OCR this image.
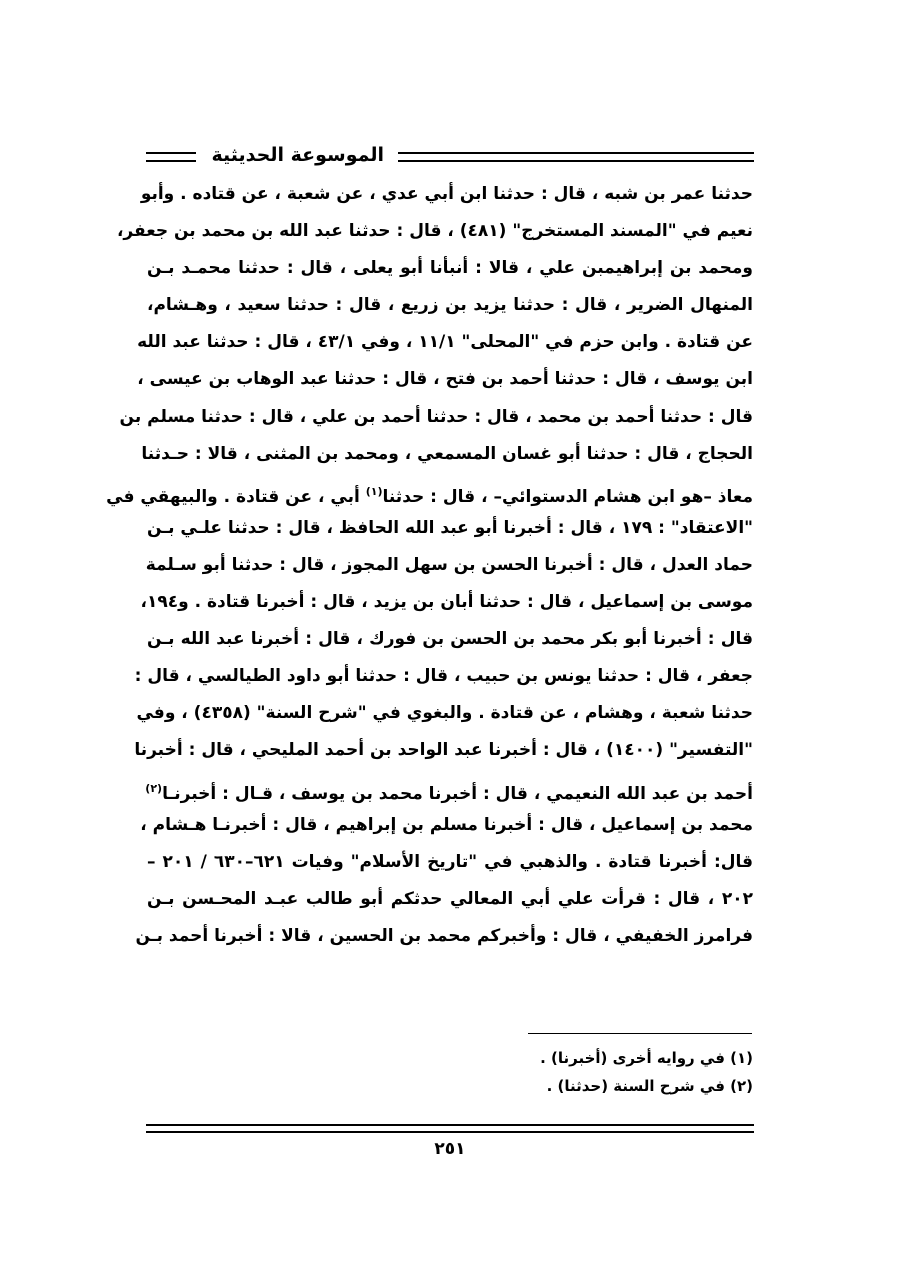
الموسوعة الحديثية
حدثنا عمر بن شبه ، قال : حدثنا ابن أبي عدي ، عن شعبة ، عن قتاده . وأبو
نعيم في "المسند المستخرج" (٤٨١) ، قال : حدثنا عبد الله بن محمد بن جعفر،
ومحمد بن إبراهيمبن علي ، قالا : أنبأنا أبو يعلى ، قال : حدثنا محمـد بـن
المنهال الضرير ، قال : حدثنا يزيد بن زريع ، قال : حدثنا سعيد ، وهـشام،
عن قتادة . وابن حزم في "المحلى" ١١/١ ، وفي ٤٣/١ ، قال : حدثنا عبد الله
ابن يوسف ، قال : حدثنا أحمد بن فتح ، قال : حدثنا عبد الوهاب بن عيسى ،
قال : حدثنا أحمد بن محمد ، قال : حدثنا أحمد بن علي ، قال : حدثنا مسلم بن
الحجاج ، قال : حدثنا أبو غسان المسمعي ، ومحمد بن المثنى ، قالا : حـدثنا
معاذ –هو ابن هشام الدستوائي– ، قال : حدثنا$^{(١)}$ أبي ، عن قتادة . والبيهقي في
"الاعتقاد" : ١٧٩ ، قال : أخبرنا أبو عبد الله الحافظ ، قال : حدثنا علـي بـن
حماد العدل ، قال : أخبرنا الحسن بن سهل المجوز ، قال : حدثنا أبو سـلمة
موسى بن إسماعيل ، قال : حدثنا أبان بن يزيد ، قال : أخبرنا قتادة . و١٩٤،
قال : أخبرنا أبو بكر محمد بن الحسن بن فورك ، قال : أخبرنا عبد الله بـن
جعفر ، قال : حدثنا يونس بن حبيب ، قال : حدثنا أبو داود الطيالسي ، قال :
حدثنا شعبة ، وهشام ، عن قتادة . والبغوي في "شرح السنة" (٤٣٥٨) ، وفي
"التفسير" (١٤٠٠) ، قال : أخبرنا عبد الواحد بن أحمد المليحي ، قال : أخبرنا
أحمد بن عبد الله النعيمي ، قال : أخبرنا محمد بن يوسف ، قـال : أخبرنـا$^{(٢)}$
محمد بن إسماعيل ، قال : أخبرنا مسلم بن إبراهيم ، قال : أخبرنـا هـشام ،
قال: أخبرنا قتادة . والذهبي في "تاريخ الأسلام" وفيات ٦٢١–٦٣٠ / ٢٠١ –
٢٠٢ ، قال : قرأت علي أبي المعالي حدثكم أبو طالب عبـد المحـسن بـن
فرامرز الخفيفي ، قال : وأخبركم محمد بن الحسين ، قالا : أخبرنا أحمد بـن
(١) في روايه أخرى (أخبرنا) .
(٢) في شرح السنة (حدثنا) .
٢٥١
